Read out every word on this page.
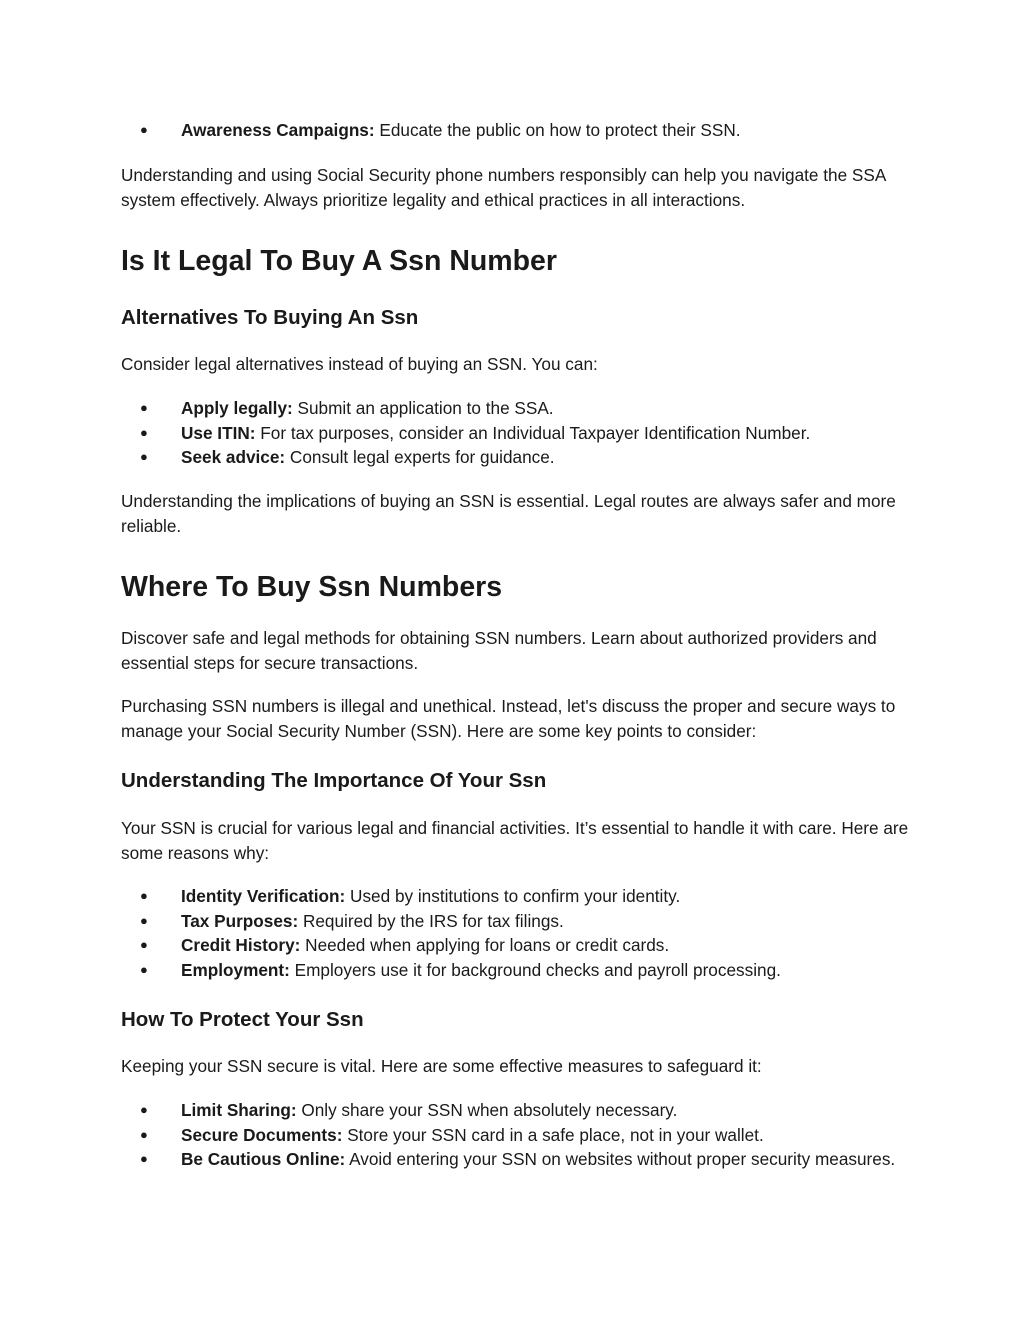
● Awareness Campaigns: Educate the public on how to protect their SSN.

Understanding and using Social Security phone numbers responsibly can help you navigate the SSA system effectively. Always prioritize legality and ethical practices in all interactions.

Is It Legal To Buy A Ssn Number
Alternatives To Buying An Ssn

Consider legal alternatives instead of buying an SSN. You can:

● Apply legally: Submit an application to the SSA.
● Use ITIN: For tax purposes, consider an Individual Taxpayer Identification Number.
● Seek advice: Consult legal experts for guidance.

Understanding the implications of buying an SSN is essential. Legal routes are always safer and more reliable.

Where To Buy Ssn Numbers

Discover safe and legal methods for obtaining SSN numbers. Learn about authorized providers and essential steps for secure transactions.

Purchasing SSN numbers is illegal and unethical. Instead, let's discuss the proper and secure ways to manage your Social Security Number (SSN). Here are some key points to consider:

Understanding The Importance Of Your Ssn

Your SSN is crucial for various legal and financial activities. It’s essential to handle it with care. Here are some reasons why:

● Identity Verification: Used by institutions to confirm your identity.
● Tax Purposes: Required by the IRS for tax filings.
● Credit History: Needed when applying for loans or credit cards.
● Employment: Employers use it for background checks and payroll processing.
How To Protect Your Ssn

Keeping your SSN secure is vital. Here are some effective measures to safeguard it:

● Limit Sharing: Only share your SSN when absolutely necessary.
● Secure Documents: Store your SSN card in a safe place, not in your wallet.
● Be Cautious Online: Avoid entering your SSN on websites without proper security measures.
